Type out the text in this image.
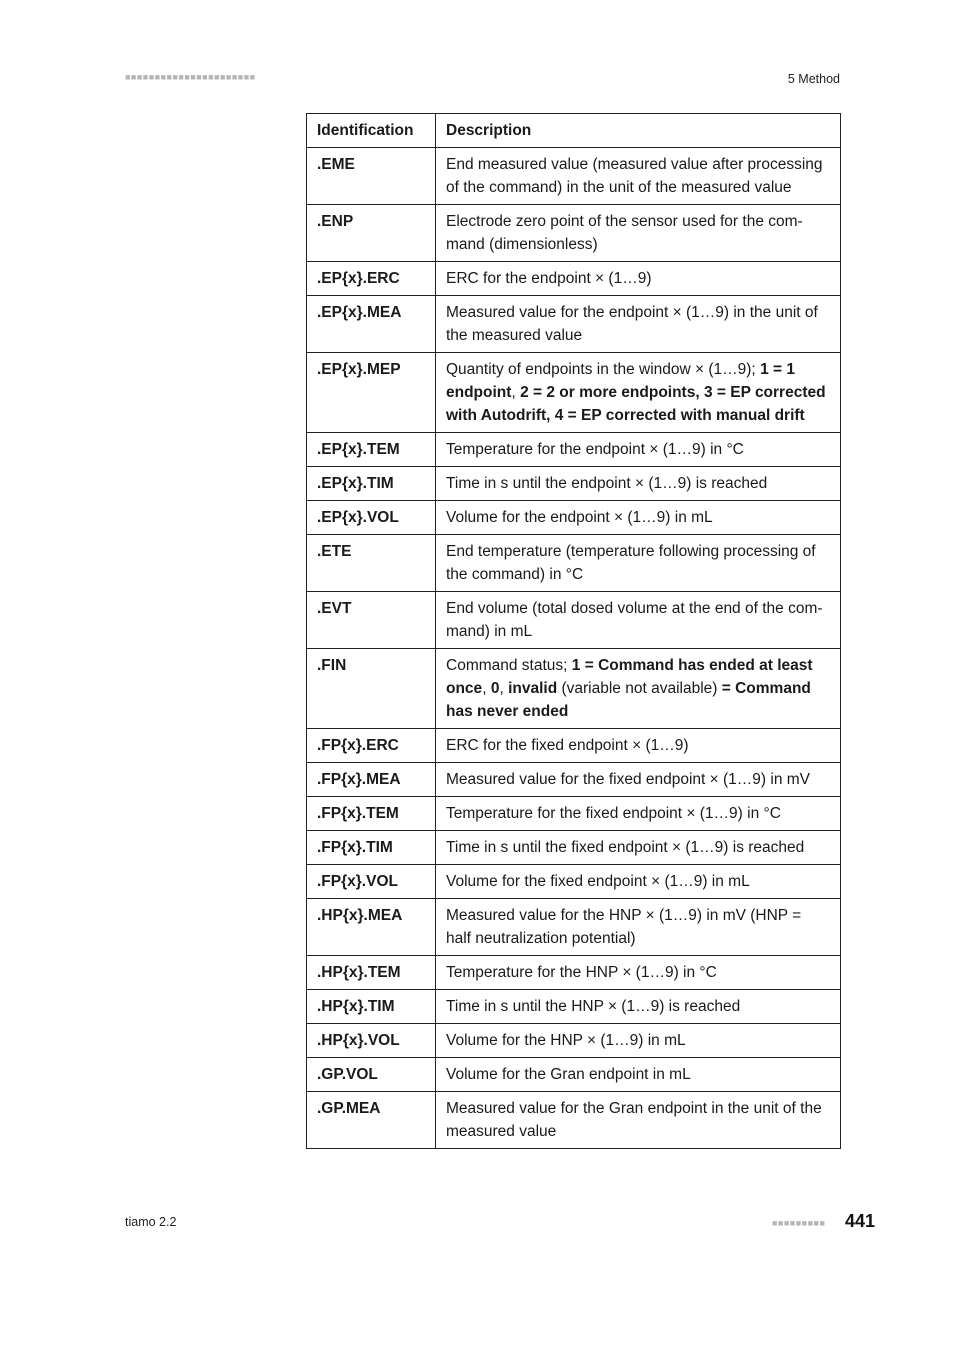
■■■■■■■■■■■■■■■■■■■■■■	5 Method
Identification	Description
.EME	End measured value (measured value after processing of the command) in the unit of the measured value
.ENP	Electrode zero point of the sensor used for the command (dimensionless)
.EP{x}.ERC	ERC for the endpoint × (1…9)
.EP{x}.MEA	Measured value for the endpoint × (1…9) in the unit of the measured value
.EP{x}.MEP	Quantity of endpoints in the window × (1…9); 1 = 1 endpoint, 2 = 2 or more endpoints, 3 = EP corrected with Autodrift, 4 = EP corrected with manual drift
.EP{x}.TEM	Temperature for the endpoint × (1…9) in °C
.EP{x}.TIM	Time in s until the endpoint × (1…9) is reached
.EP{x}.VOL	Volume for the endpoint × (1…9) in mL
.ETE	End temperature (temperature following processing of the command) in °C
.EVT	End volume (total dosed volume at the end of the command) in mL
.FIN	Command status; 1 = Command has ended at least once, 0, invalid (variable not available) = Command has never ended
.FP{x}.ERC	ERC for the fixed endpoint × (1…9)
.FP{x}.MEA	Measured value for the fixed endpoint × (1…9) in mV
.FP{x}.TEM	Temperature for the fixed endpoint × (1…9) in °C
.FP{x}.TIM	Time in s until the fixed endpoint × (1…9) is reached
.FP{x}.VOL	Volume for the fixed endpoint × (1…9) in mL
.HP{x}.MEA	Measured value for the HNP × (1…9) in mV (HNP = half neutralization potential)
.HP{x}.TEM	Temperature for the HNP × (1…9) in °C
.HP{x}.TIM	Time in s until the HNP × (1…9) is reached
.HP{x}.VOL	Volume for the HNP × (1…9) in mL
.GP.VOL	Volume for the Gran endpoint in mL
.GP.MEA	Measured value for the Gran endpoint in the unit of the measured value
tiamo 2.2	■■■■■■■■■ 441
